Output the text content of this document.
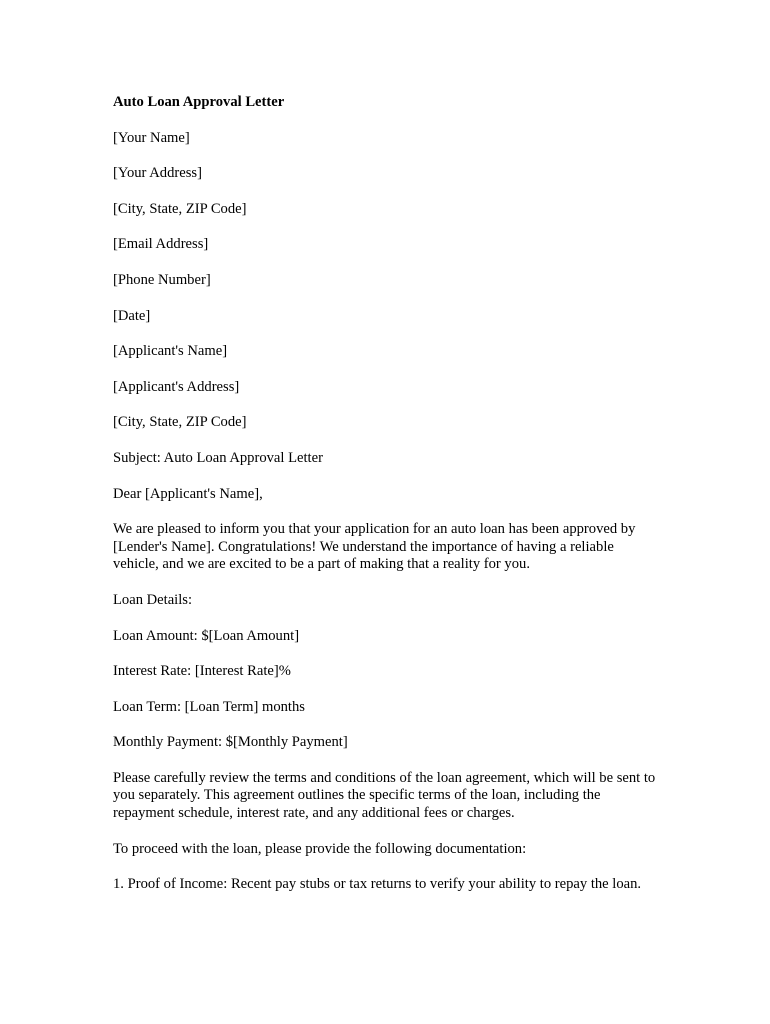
Auto Loan Approval Letter
[Your Name]
[Your Address]
[City, State, ZIP Code]
[Email Address]
[Phone Number]
[Date]
[Applicant's Name]
[Applicant's Address]
[City, State, ZIP Code]
Subject: Auto Loan Approval Letter
Dear [Applicant's Name],
We are pleased to inform you that your application for an auto loan has been approved by [Lender's Name]. Congratulations! We understand the importance of having a reliable vehicle, and we are excited to be a part of making that a reality for you.
Loan Details:
Loan Amount: $[Loan Amount]
Interest Rate: [Interest Rate]%
Loan Term: [Loan Term] months
Monthly Payment: $[Monthly Payment]
Please carefully review the terms and conditions of the loan agreement, which will be sent to you separately. This agreement outlines the specific terms of the loan, including the repayment schedule, interest rate, and any additional fees or charges.
To proceed with the loan, please provide the following documentation:
1. Proof of Income: Recent pay stubs or tax returns to verify your ability to repay the loan.
